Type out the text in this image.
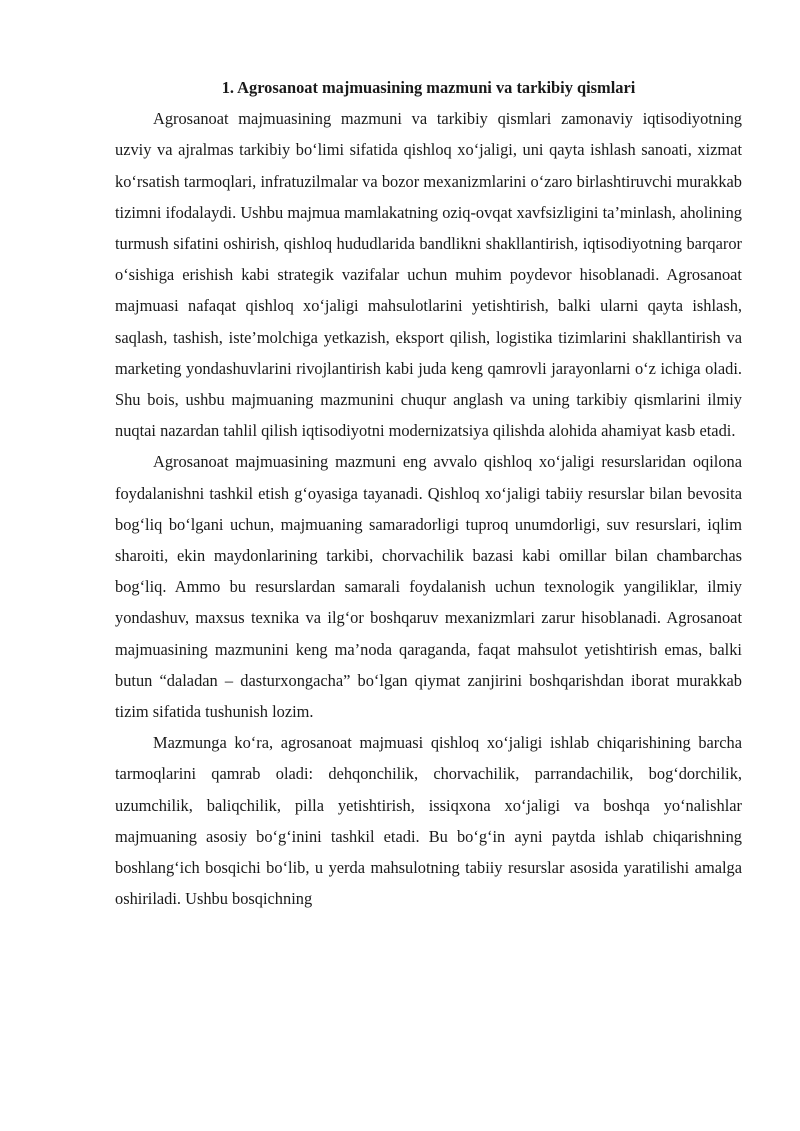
1. Agrosanoat majmuasining mazmuni va tarkibiy qismlari

Agrosanoat majmuasining mazmuni va tarkibiy qismlari zamonaviy iqtisodiyotning uzviy va ajralmas tarkibiy bo‘limi sifatida qishloq xo‘jaligi, uni qayta ishlash sanoati, xizmat ko‘rsatish tarmoqlari, infratuzilmalar va bozor mexanizmlarini o‘zaro birlashtiruvchi murakkab tizimni ifodalaydi. Ushbu majmua mamlakatning oziq-ovqat xavfsizligini ta’minlash, aholining turmush sifatini oshirish, qishloq hududlarida bandlikni shakllantirish, iqtisodiyotning barqaror o‘sishiga erishish kabi strategik vazifalar uchun muhim poydevor hisoblanadi. Agrosanoat majmuasi nafaqat qishloq xo‘jaligi mahsulotlarini yetishtirish, balki ularni qayta ishlash, saqlash, tashish, iste’molchiga yetkazish, eksport qilish, logistika tizimlarini shakllantirish va marketing yondashuvlarini rivojlantirish kabi juda keng qamrovli jarayonlarni o‘z ichiga oladi. Shu bois, ushbu majmuaning mazmunini chuqur anglash va uning tarkibiy qismlarini ilmiy nuqtai nazardan tahlil qilish iqtisodiyotni modernizatsiya qilishda alohida ahamiyat kasb etadi.

Agrosanoat majmuasining mazmuni eng avvalo qishloq xo‘jaligi resurslaridan oqilona foydalanishni tashkil etish g‘oyasiga tayanadi. Qishloq xo‘jaligi tabiiy resurslar bilan bevosita bog‘liq bo‘lgani uchun, majmuaning samaradorligi tuproq unumdorligi, suv resurslari, iqlim sharoiti, ekin maydonlarining tarkibi, chorvachilik bazasi kabi omillar bilan chambarchas bog‘liq. Ammo bu resurslardan samarali foydalanish uchun texnologik yangiliklar, ilmiy yondashuv, maxsus texnika va ilg‘or boshqaruv mexanizmlari zarur hisoblanadi. Agrosanoat majmuasining mazmunini keng ma’noda qaraganda, faqat mahsulot yetishtirish emas, balki butun “daladan – dasturxongacha” bo‘lgan qiymat zanjirini boshqarishdan iborat murakkab tizim sifatida tushunish lozim.

Mazmunga ko‘ra, agrosanoat majmuasi qishloq xo‘jaligi ishlab chiqarishining barcha tarmoqlarini qamrab oladi: dehqonchilik, chorvachilik, parrandachilik, bog‘dorchilik, uzumchilik, baliqchilik, pilla yetishtirish, issiqxona xo‘jaligi va boshqa yo‘nalishlar majmuaning asosiy bo‘g‘inini tashkil etadi. Bu bo‘g‘in ayni paytda ishlab chiqarishning boshlang‘ich bosqichi bo‘lib, u yerda mahsulotning tabiiy resurslar asosida yaratilishi amalga oshiriladi. Ushbu bosqichning
